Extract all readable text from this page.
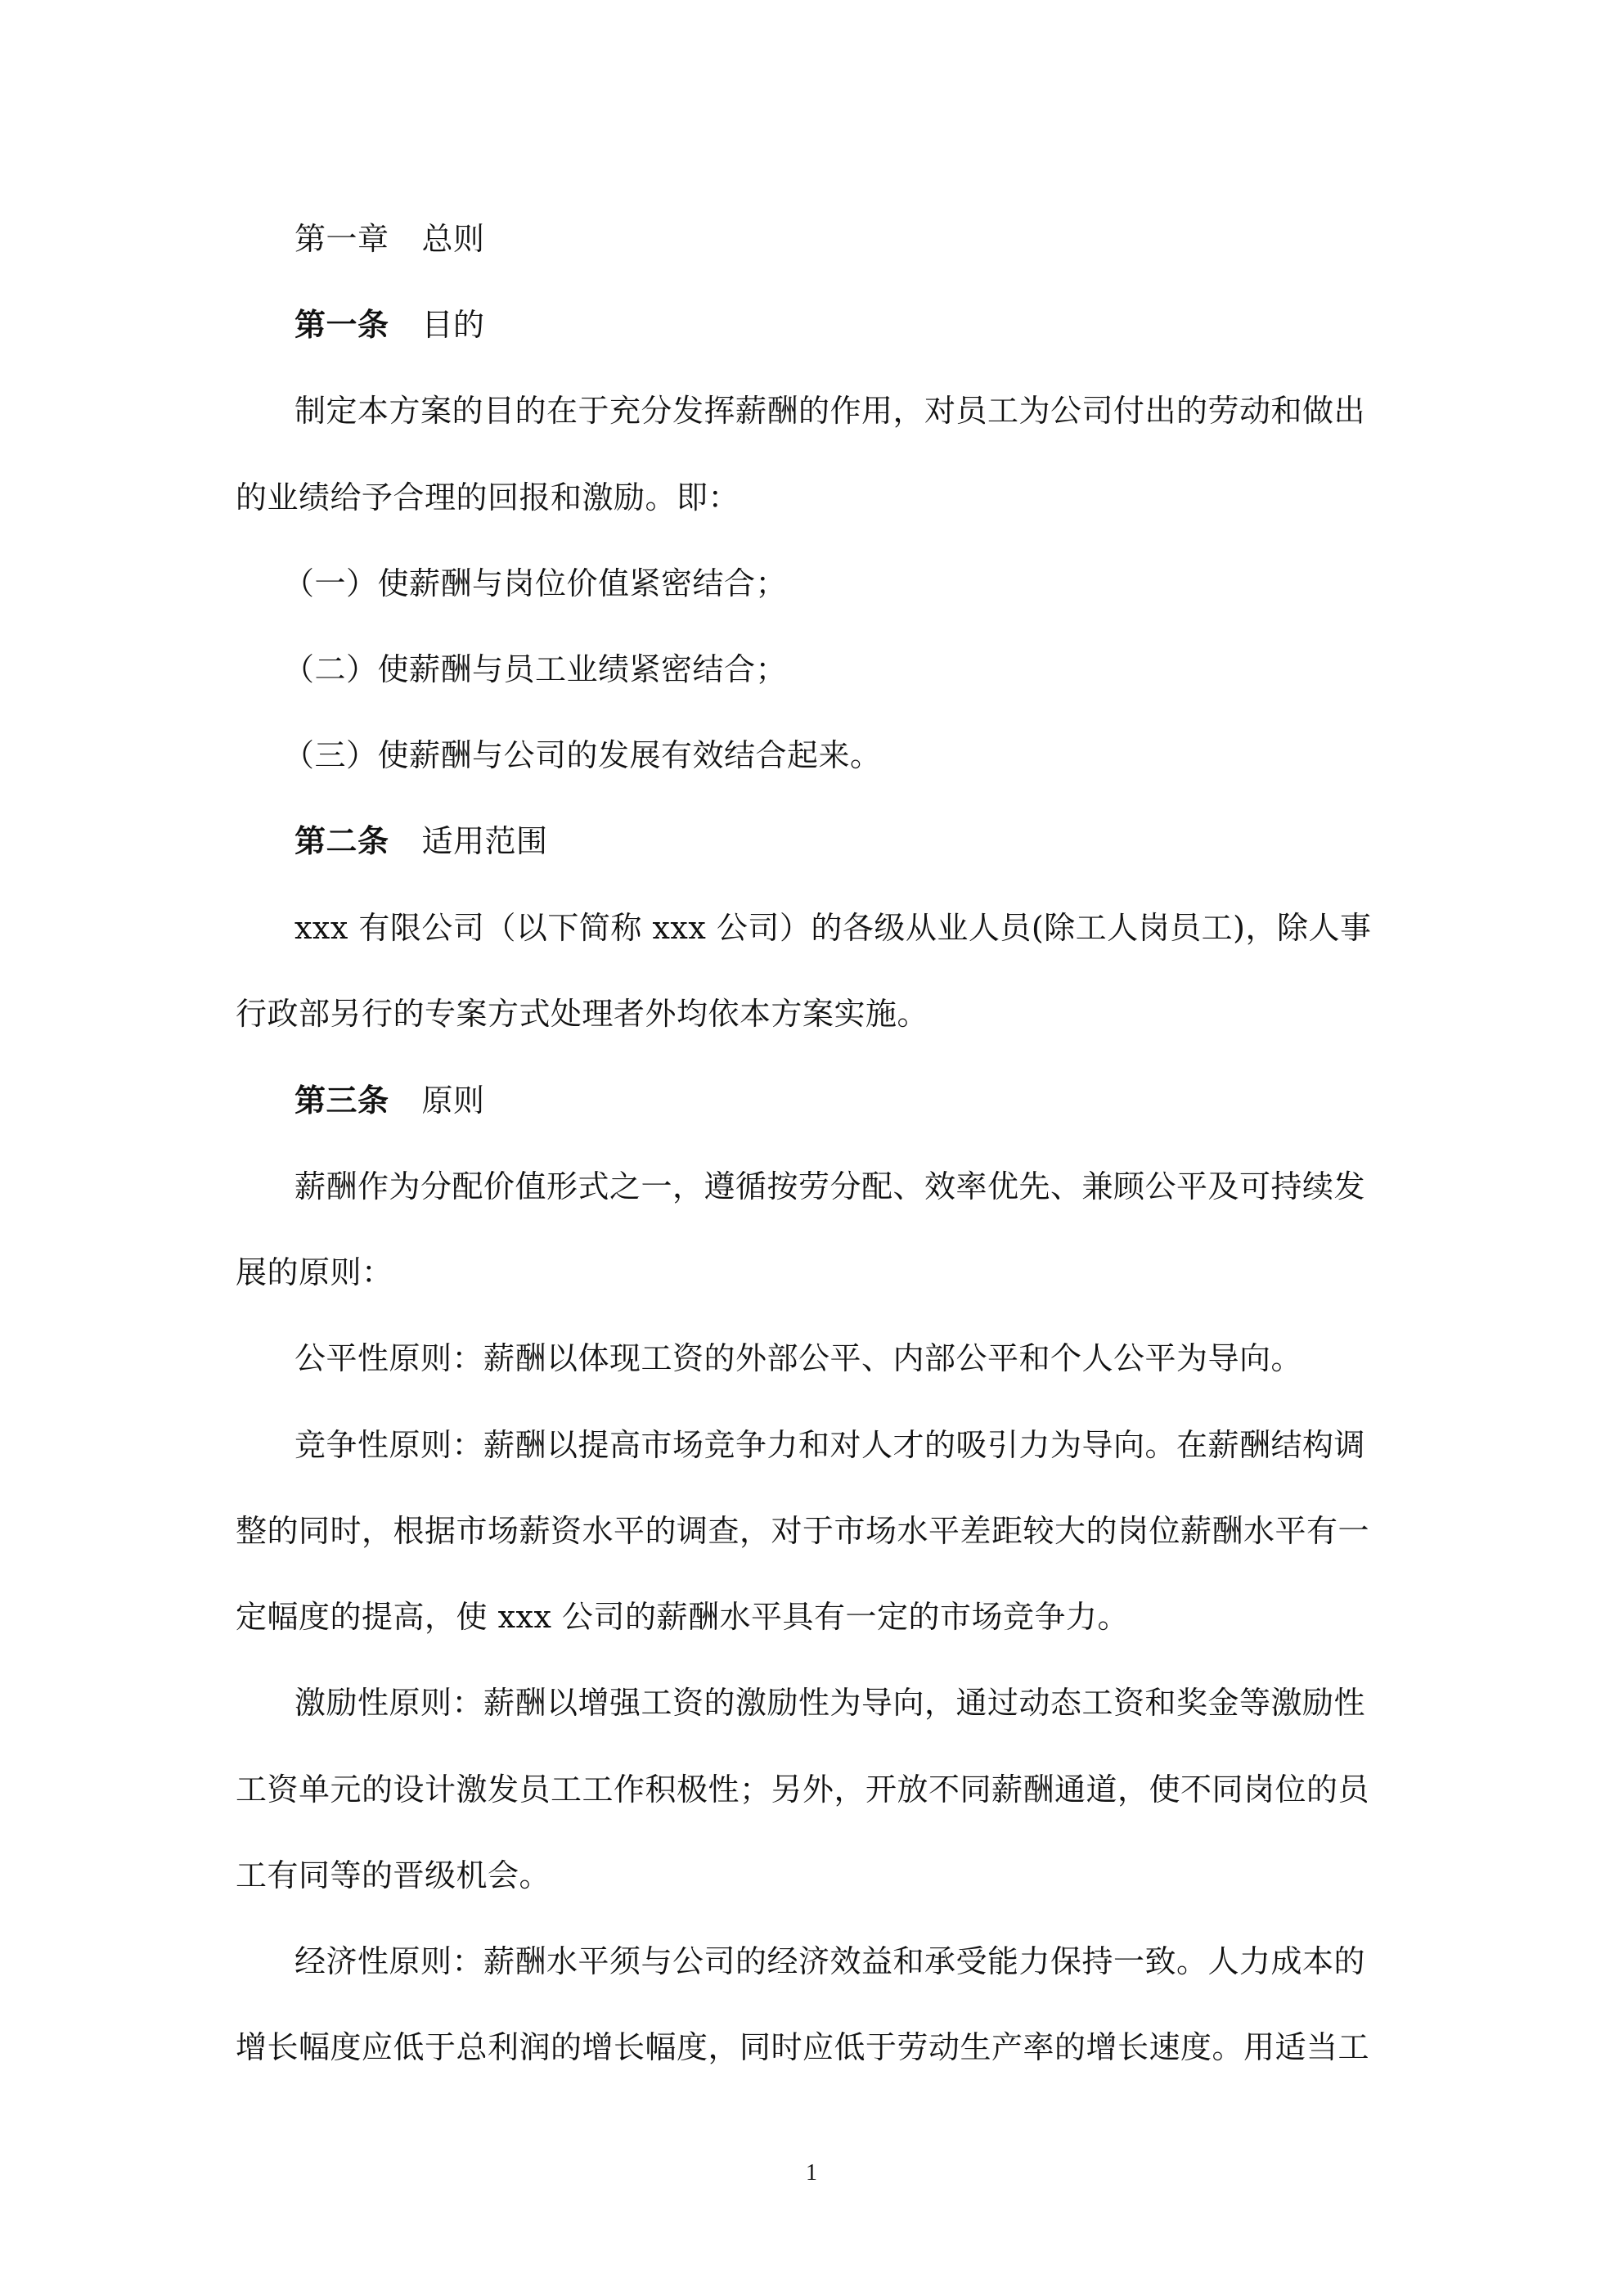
第一章 总则
第一条 目的
制定本方案的目的在于充分发挥薪酬的作用，对员工为公司付出的劳动和做出
的业绩给予合理的回报和激励。即：
（一）使薪酬与岗位价值紧密结合；
（二）使薪酬与员工业绩紧密结合；
（三）使薪酬与公司的发展有效结合起来。
第二条 适用范围
xxx 有限公司（以下简称 xxx 公司）的各级从业人员(除工人岗员工)，除人事
行政部另行的专案方式处理者外均依本方案实施。
第三条 原则
薪酬作为分配价值形式之一，遵循按劳分配、效率优先、兼顾公平及可持续发
展的原则：
公平性原则：薪酬以体现工资的外部公平、内部公平和个人公平为导向。
竞争性原则：薪酬以提高市场竞争力和对人才的吸引力为导向。在薪酬结构调
整的同时，根据市场薪资水平的调查，对于市场水平差距较大的岗位薪酬水平有一
定幅度的提高，使 xxx 公司的薪酬水平具有一定的市场竞争力。
激励性原则：薪酬以增强工资的激励性为导向，通过动态工资和奖金等激励性
工资单元的设计激发员工工作积极性；另外，开放不同薪酬通道，使不同岗位的员
工有同等的晋级机会。
经济性原则：薪酬水平须与公司的经济效益和承受能力保持一致。人力成本的
增长幅度应低于总利润的增长幅度，同时应低于劳动生产率的增长速度。用适当工
1
